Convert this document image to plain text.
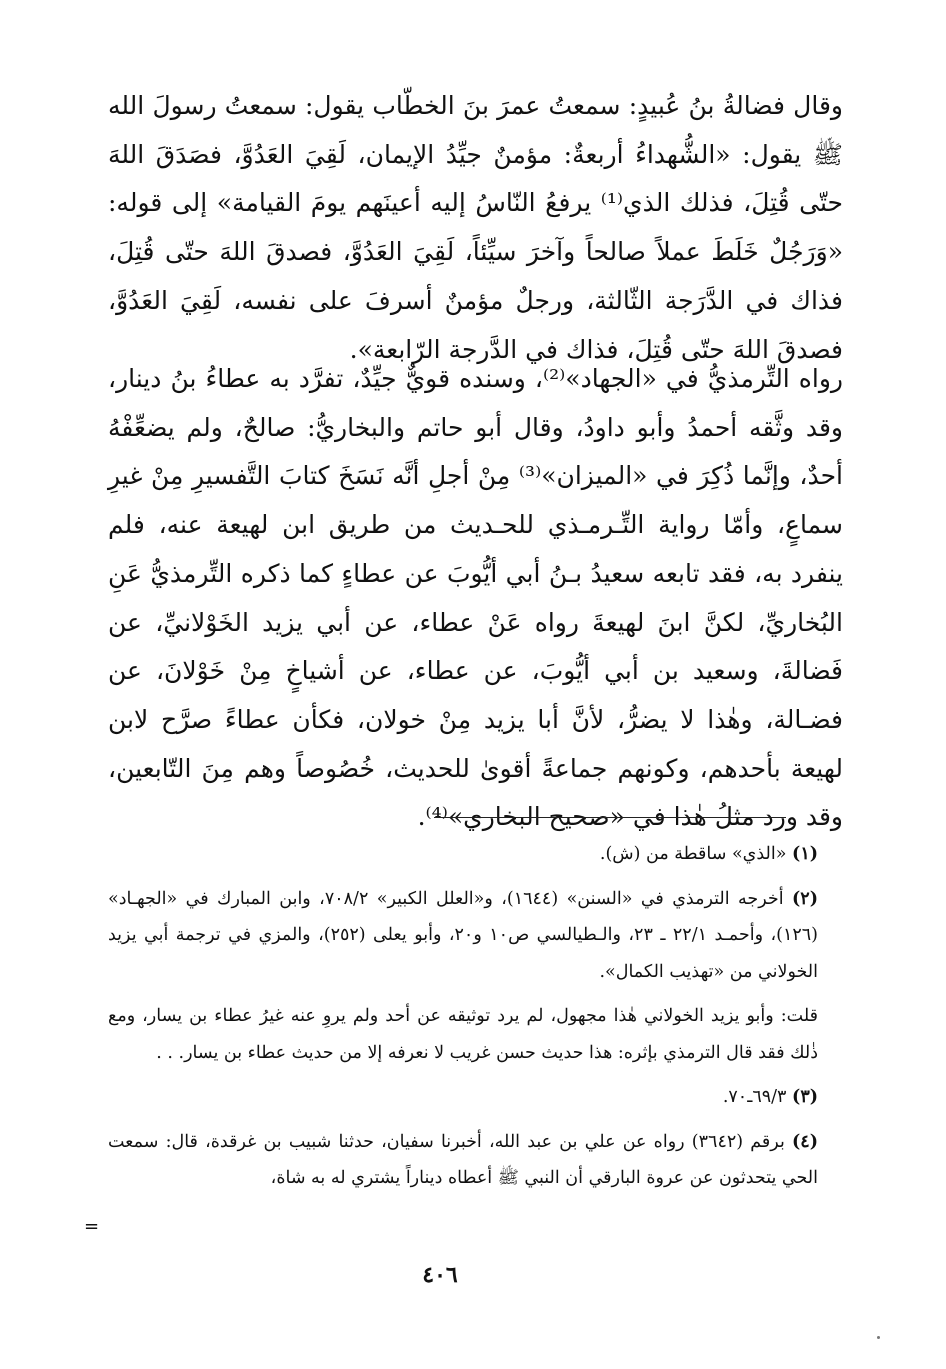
وقال فضالةُ بنُ عُبيدٍ: سمعتُ عمرَ بنَ الخطّاب يقول: سمعتُ رسولَ الله ﷺ يقول: «الشُّهداءُ أربعةٌ: مؤمنٌ جيِّدُ الإيمان، لَقِيَ العَدُوَّ، فصَدَقَ اللهَ حتّى قُتِلَ، فذلك الذي⁽¹⁾ يرفعُ النّاسُ إليه أعينَهم يومَ القيامة» إلى قوله: «وَرَجُلٌ خَلَطَ عملاً صالحاً وآخرَ سيِّئاً، لَقِيَ العَدُوَّ، فصدقَ اللهَ حتّى قُتِلَ، فذاك في الدَّرَجة الثّالثة، ورجلٌ مؤمنٌ أسرفَ على نفسه، لَقِيَ العَدُوَّ، فصدقَ اللهَ حتّى قُتِلَ، فذاك في الدَّرجة الرّابعة».

رواه التِّرمذيُّ في «الجهاد»⁽²⁾، وسنده قويٌّ جيِّدٌ، تفرَّد به عطاءُ بنُ دينار، وقد وثَّقه أحمدُ وأبو داودُ، وقال أبو حاتم والبخاريُّ: صالحٌ، ولم يضعِّفْهُ أحدٌ، وإنَّما ذُكِرَ في «الميزان»⁽³⁾ مِنْ أجلِ أنَّه نَسَخَ كتابَ التَّفسيرِ مِنْ غيرِ سماعٍ، وأمّا رواية التِّـرمـذي للحـديث من طريق ابن لهيعة عنه، فلم ينفرد به، فقد تابعه سعيدُ بـنُ أبي أيُّوبَ عن عطاءٍ كما ذكره التِّرمذيُّ عَنِ البُخاريِّ، لكنَّ ابنَ لهيعةَ رواه عَنْ عطاء، عن أبي يزيد الخَوْلانيِّ، عن فَضالةَ، وسعيد بن أبي أيُّوبَ، عن عطاء، عن أشياخٍ مِنْ خَوْلانَ، عن فضـالة، وهٰذا لا يضرُّ، لأنَّ أبا يزيد مِنْ خولان، فكأن عطاءً صرَّح لابن لهيعة بأحدهم، وكونهم جماعةً أقوىٰ للحديث، خُصُوصاً وهم مِنَ التّابعين، وقد ورد مثلُ هٰذا في «صحيح البخاري»⁽⁴⁾.

(١) «الذي» ساقطة من (ش).

(٢) أخرجه الترمذي في «السنن» (١٦٤٤)، و«العلل الكبير» ٧٠٨/٢، وابن المبارك في «الجهـاد» (١٢٦)، وأحمـد ٢٢/١ ـ ٢٣، والـطيالسي ص١٠ و٢٠، وأبو يعلى (٢٥٢)، والمزي في ترجمة أبي يزيد الخولاني من «تهذيب الكمال».

قلت: وأبو يزيد الخولاني هٰذا مجهول، لم يرد توثيقه عن أحد ولم يروِ عنه غيرُ عطاء بن يسار، ومع ذٰلك فقد قال الترمذي بإثره: هذا حديث حسن غريب لا نعرفه إلا من حديث عطاء بن يسار. . .

(٣) ٦٩/٣ـ٧٠.

(٤) برقم (٣٦٤٢) رواه عن علي بن عبد الله، أخبرنا سفيان، حدثنا شبيب بن غرقدة، قال: سمعت الحي يتحدثون عن عروة البارقي أن النبي ﷺ أعطاه ديناراً يشتري له به شاة،

=
٤٠٦
